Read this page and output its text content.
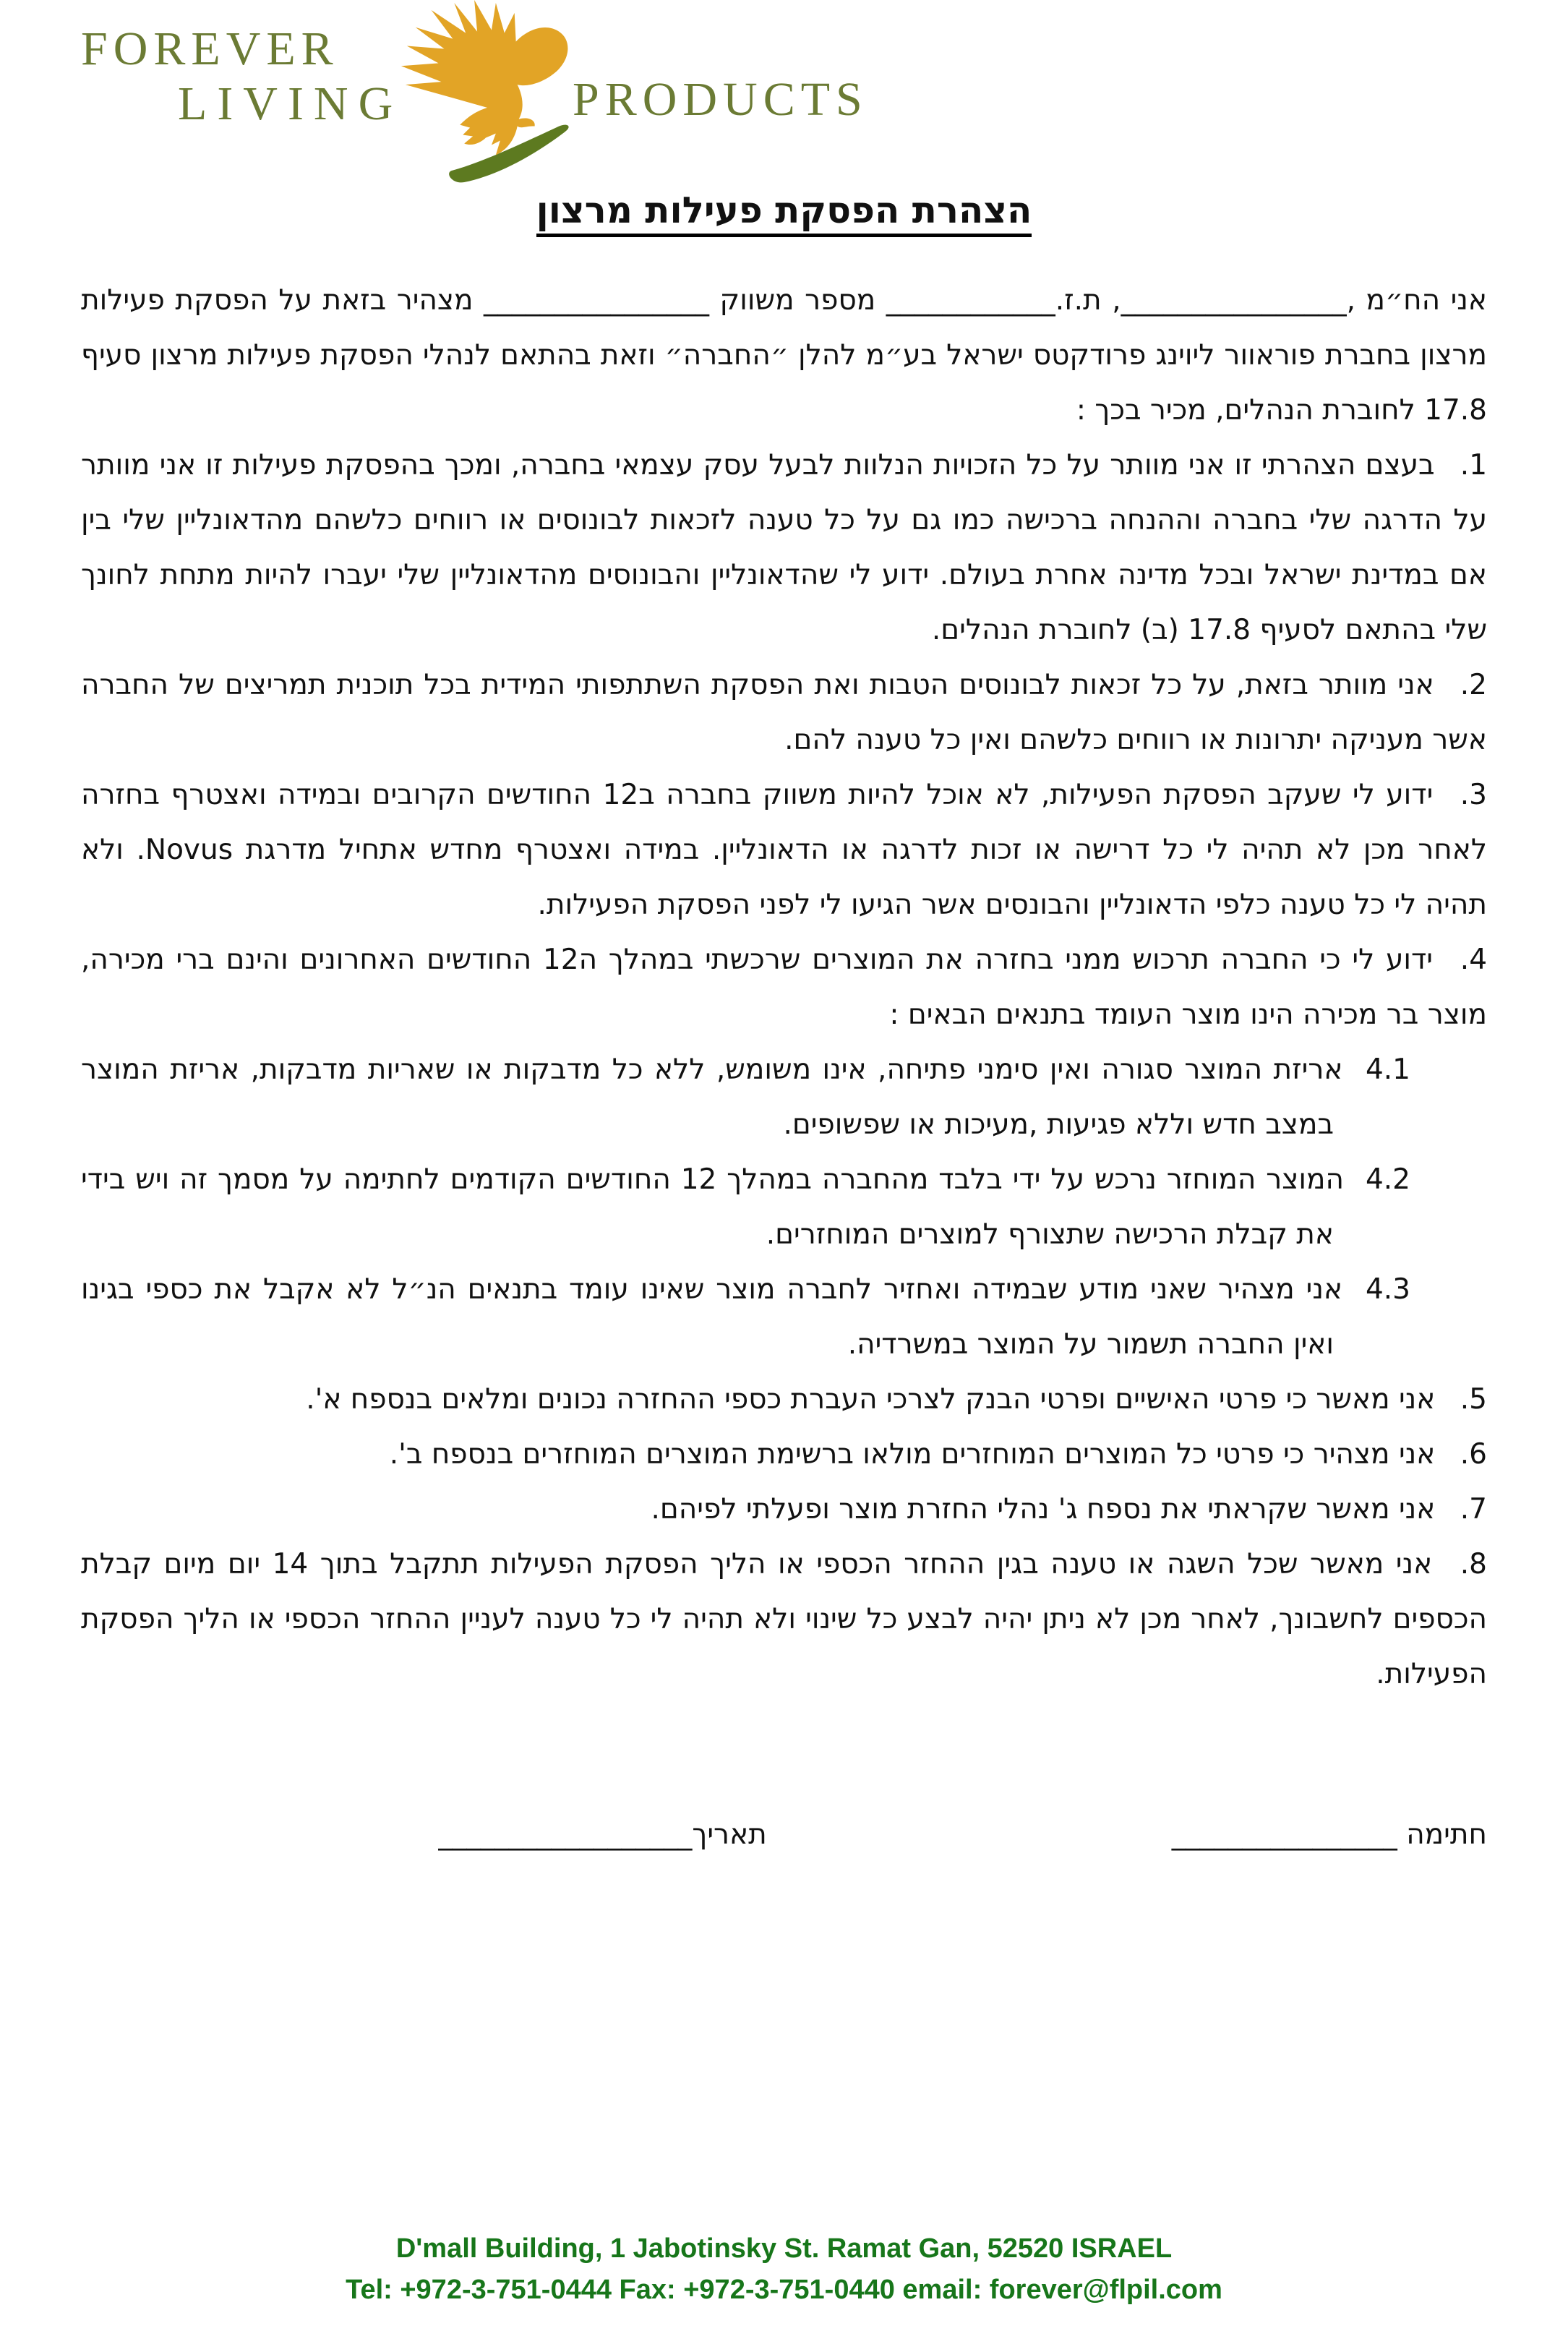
FOREVER
LIVING	PRODUCTS
הצהרת הפסקת פעילות מרצון

אני הח״מ ,________________, ת.ז.____________ מספר משווק ________________ מצהיר בזאת על הפסקת פעילות מרצון בחברת פוראוור ליוינג פרודקטס ישראל בע״מ להלן ״החברה״ וזאת בהתאם לנהלי הפסקת פעילות מרצון סעיף 17.8 לחוברת הנהלים, מכיר בכך :

1. בעצם הצהרתי זו אני מוותר על כל הזכויות הנלוות לבעל עסק עצמאי בחברה, ומכך בהפסקת פעילות זו אני מוותר על הדרגה שלי בחברה וההנחה ברכישה כמו גם על כל טענה לזכאות לבונוסים או רווחים כלשהם מהדאונליין שלי בין אם במדינת ישראל ובכל מדינה אחרת בעולם. ידוע לי שהדאונליין והבונוסים מהדאונליין שלי יעברו להיות מתחת לחונך שלי בהתאם לסעיף 17.8 (ב) לחוברת הנהלים.
2. אני מוותר בזאת, על כל זכאות לבונוסים הטבות ואת הפסקת השתתפותי המידית בכל תוכנית תמריצים של החברה אשר מעניקה יתרונות או רווחים כלשהם ואין כל טענה להם.
3. ידוע לי שעקב הפסקת הפעילות, לא אוכל להיות משווק בחברה ב12 החודשים הקרובים ובמידה ואצטרף בחזרה לאחר מכן לא תהיה לי כל דרישה או זכות לדרגה או הדאונליין. במידה ואצטרף מחדש אתחיל מדרגת Novus. ולא תהיה לי כל טענה כלפי הדאונליין והבונסים אשר הגיעו לי לפני הפסקת הפעילות.
4. ידוע לי כי החברה תרכוש ממני בחזרה את המוצרים שרכשתי במהלך ה12 החודשים האחרונים והינם ברי מכירה, מוצר בר מכירה הינו מוצר העומד בתנאים הבאים :
4.1 אריזת המוצר סגורה ואין סימני פתיחה, אינו משומש, ללא כל מדבקות או שאריות מדבקות, אריזת המוצר במצב חדש וללא פגיעות ,מעיכות או שפשופים.
4.2 המוצר המוחזר נרכש על ידי בלבד מהחברה במהלך 12 החודשים הקודמים לחתימה על מסמך זה ויש בידי את קבלת הרכישה שתצורף למוצרים המוחזרים.
4.3 אני מצהיר שאני מודע שבמידה ואחזיר לחברה מוצר שאינו עומד בתנאים הנ״ל לא אקבל את כספי בגינו ואין החברה תשמור על המוצר במשרדיה.
5. אני מאשר כי פרטי האישיים ופרטי הבנק לצרכי העברת כספי ההחזרה נכונים ומלאים בנספח א'.
6. אני מצהיר כי פרטי כל המוצרים המוחזרים מולאו ברשימת המוצרים המוחזרים בנספח ב'.
7. אני מאשר שקראתי את נספח ג' נהלי החזרת מוצר ופעלתי לפיהם.
8. אני מאשר שכל השגה או טענה בגין ההחזר הכספי או הליך הפסקת הפעילות תתקבל בתוך 14 יום מיום קבלת הכספים לחשבונך, לאחר מכן לא ניתן יהיה לבצע כל שינוי ולא תהיה לי כל טענה לעניין ההחזר הכספי או הליך הפסקת הפעילות.
חתימה ________________
תאריך__________________
D'mall Building, 1 Jabotinsky St. Ramat Gan, 52520 ISRAEL
Tel: +972-3-751-0444 Fax: +972-3-751-0440 email: forever@flpil.com
